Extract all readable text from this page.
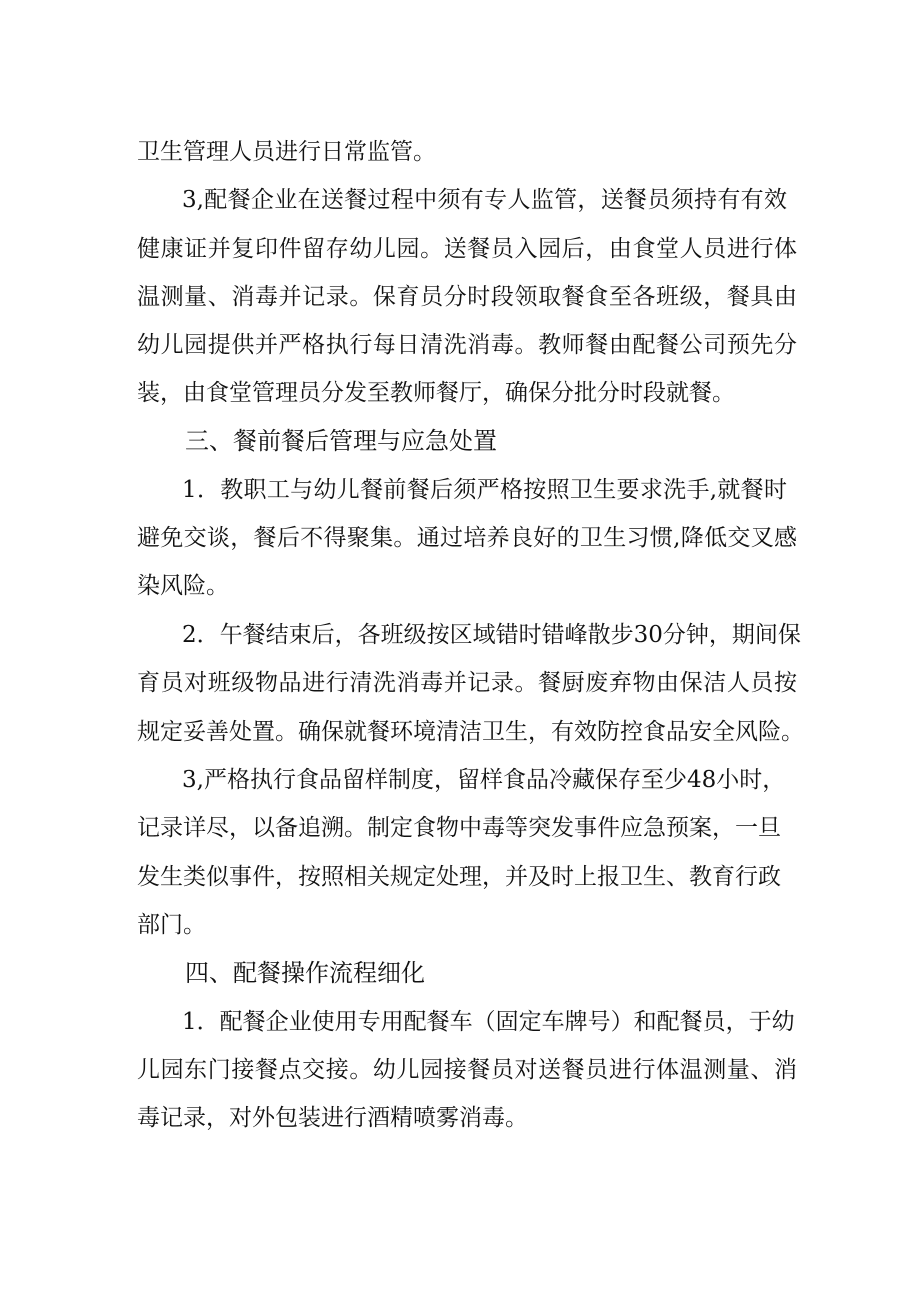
卫生管理人员进行日常监管。
3,配餐企业在送餐过程中须有专人监管，送餐员须持有有效
健康证并复印件留存幼儿园。送餐员入园后，由食堂人员进行体
温测量、消毒并记录。保育员分时段领取餐食至各班级，餐具由
幼儿园提供并严格执行每日清洗消毒。教师餐由配餐公司预先分
装，由食堂管理员分发至教师餐厅，确保分批分时段就餐。
三、餐前餐后管理与应急处置
1．教职工与幼儿餐前餐后须严格按照卫生要求洗手,就餐时
避免交谈，餐后不得聚集。通过培养良好的卫生习惯,降低交叉感
染风险。
2．午餐结束后，各班级按区域错时错峰散步30分钟，期间保
育员对班级物品进行清洗消毒并记录。餐厨废弃物由保洁人员按
规定妥善处置。确保就餐环境清洁卫生，有效防控食品安全风险。
3,严格执行食品留样制度，留样食品冷藏保存至少48小时，
记录详尽，以备追溯。制定食物中毒等突发事件应急预案，一旦
发生类似事件，按照相关规定处理，并及时上报卫生、教育行政
部门。
四、配餐操作流程细化
1．配餐企业使用专用配餐车（固定车牌号）和配餐员，于幼
儿园东门接餐点交接。幼儿园接餐员对送餐员进行体温测量、消
毒记录，对外包装进行酒精喷雾消毒。
